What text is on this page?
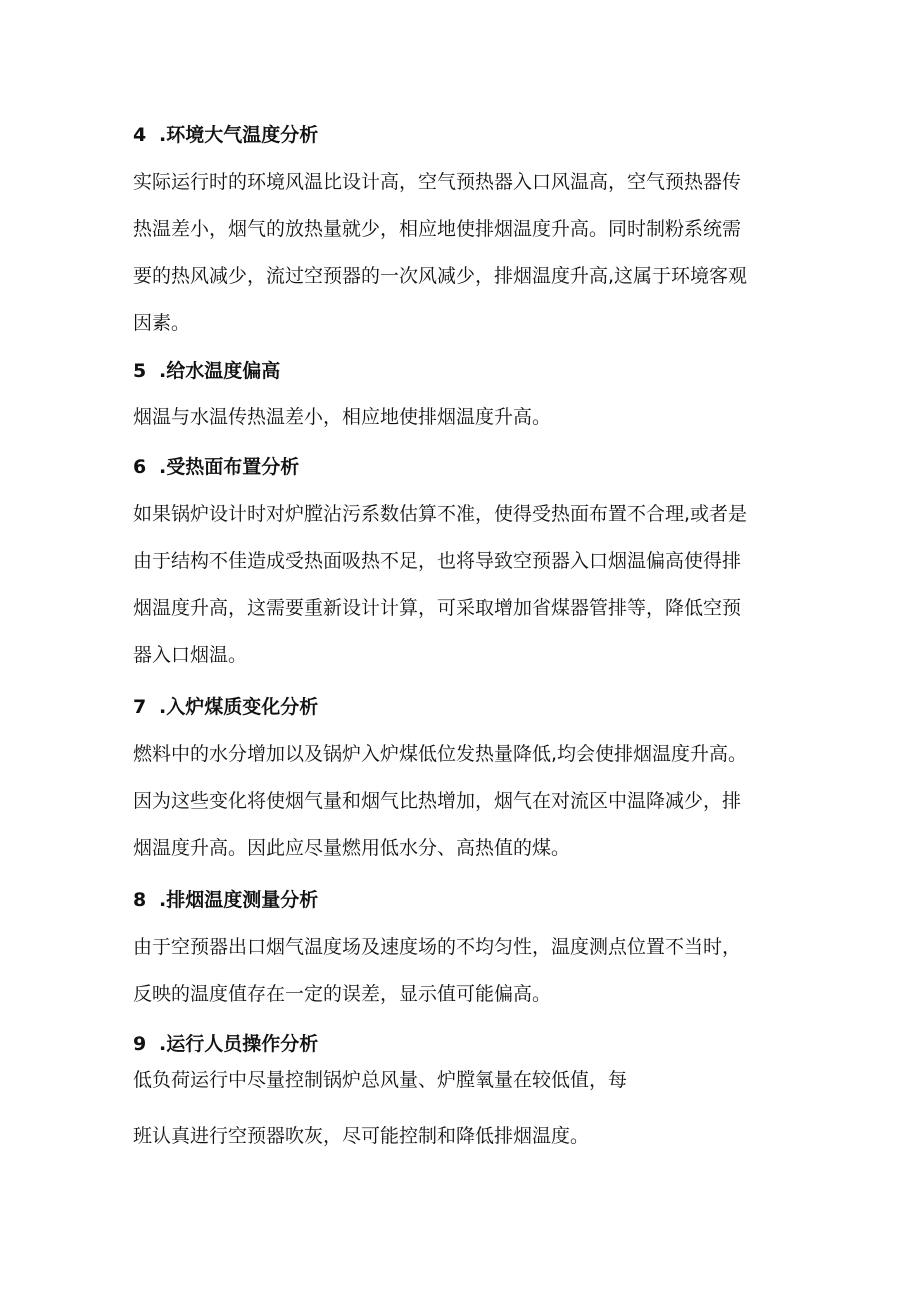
4 .环境大气温度分析
实际运行时的环境风温比设计高，空气预热器入口风温高，空气预热器传
热温差小，烟气的放热量就少，相应地使排烟温度升高。同时制粉系统需
要的热风减少，流过空预器的一次风减少，排烟温度升高,这属于环境客观
因素。
5 .给水温度偏高
烟温与水温传热温差小，相应地使排烟温度升高。
6 .受热面布置分析
如果锅炉设计时对炉膛沾污系数估算不准，使得受热面布置不合理,或者是
由于结构不佳造成受热面吸热不足，也将导致空预器入口烟温偏高使得排
烟温度升高，这需要重新设计计算，可采取增加省煤器管排等，降低空预
器入口烟温。
7 .入炉煤质变化分析
燃料中的水分增加以及锅炉入炉煤低位发热量降低,均会使排烟温度升高。
因为这些变化将使烟气量和烟气比热增加，烟气在对流区中温降减少，排
烟温度升高。因此应尽量燃用低水分、高热值的煤。
8 .排烟温度测量分析
由于空预器出口烟气温度场及速度场的不均匀性，温度测点位置不当时，
反映的温度值存在一定的误差，显示值可能偏高。
9 .运行人员操作分析
低负荷运行中尽量控制锅炉总风量、炉膛氧量在较低值，每
班认真进行空预器吹灰，尽可能控制和降低排烟温度。
